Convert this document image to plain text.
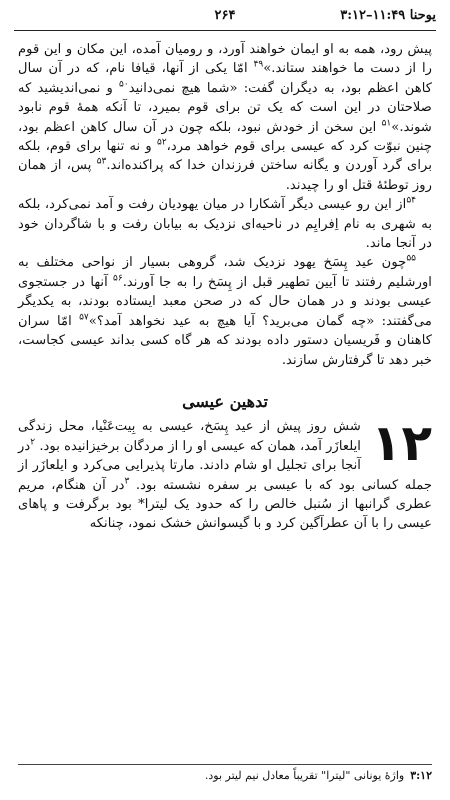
یوحنا ۱۱:۴۹–۳:۱۲
۲۶۴

پیش رود، همه به او ایمان خواهند آورد، و رومیان آمده، این مکان و این قوم را از دست ما خواهند ستاند.»$^{۴۹}$ امّا یکی از آنها، قیافا نام، که در آن سال کاهن اعظم بود، به دیگران گفت: «شما هیچ نمی‌دانید$^{۵۰}$ و نمی‌اندیشید که صلاحتان در این است که یک تن برای قوم بمیرد، تا آنکه همهٔ قوم نابود شوند.»$^{۵۱}$ این سخن از خودش نبود، بلکه چون در آن سال کاهن اعظم بود، چنین نبوّت کرد که عیسی برای قوم خواهد مرد،$^{۵۲}$ و نه تنها برای قوم، بلکه برای گرد آوردن و یگانه ساختن فرزندان خدا که پراکنده‌اند.$^{۵۳}$ پس، از همان روز توطئهٔ قتل او را چیدند.

$^{۵۴}$از این رو عیسی دیگر آشکارا در میان یهودیان رفت و آمد نمی‌کرد، بلکه به شهری به نام اِفرایِم در ناحیه‌ای نزدیک به بیابان رفت و با شاگردان خود در آنجا ماند.

$^{۵۵}$چون عید پِسَخ یهود نزدیک شد، گروهی بسیار از نواحی مختلف به اورشلیم رفتند تا آیین تطهیر قبل از پِسَخ را به جا آورند.$^{۵۶}$ آنها در جستجوی عیسی بودند و در همان حال که در صحن معبد ایستاده بودند، به یکدیگر می‌گفتند: «چه گمان می‌برید؟ آیا هیچ به عید نخواهد آمد؟»$^{۵۷}$ امّا سران کاهنان و فَریسیان دستور داده بودند که هر گاه کسی بداند عیسی کجاست، خبر دهد تا گرفتارش سازند.

تدهین عیسی
۱۲

شش روز پیش از عید پِسَخ، عیسی به بِیت‌عَنْیا، محل زندگی ایلعازَر آمد، همان که عیسی او را از مردگان برخیزانیده بود. $^۲$در آنجا برای تجلیل او شام دادند. مارتا پذیرایی می‌کرد و ایلعازَر از جمله کسانی بود که با عیسی بر سفره نشسته بود. $^۳$در آن هنگام، مریم عطری گرانبها از سُنبل خالص را که حدود یک لیترا* بود برگرفت و پاهای عیسی را با آن عطرآگین کرد و با گیسوانش خشک نمود، چنانکه

۳:۱۲واژهٔ یونانی "لیترا" تقریباً معادل نیم لیتر بود.
